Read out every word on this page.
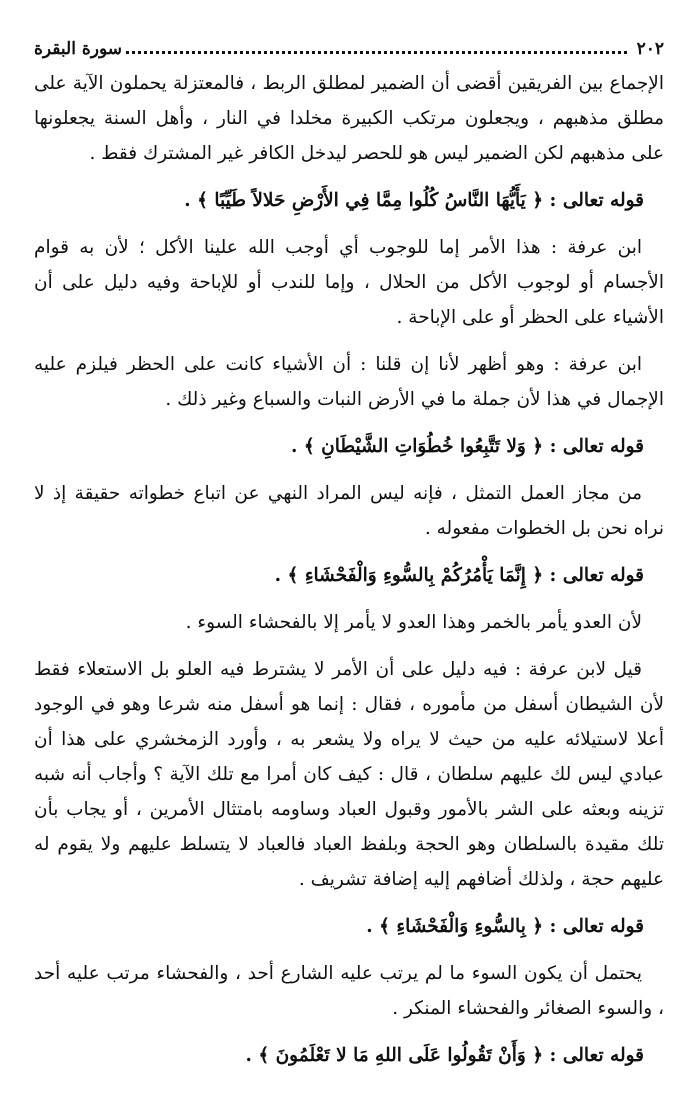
٢٠٢
سورة البقرة

الإجماع بين الفريقين أقضى أن الضمير لمطلق الربط ، فالمعتزلة يحملون الآية على مطلق مذهبهم ، ويجعلون مرتكب الكبيرة مخلدا في النار ، وأهل السنة يجعلونها على مذهبهم لكن الضمير ليس هو للحصر ليدخل الكافر غير المشترك فقط .

قوله تعالى : ﴿ يَأَيُّهَا النَّاسُ كُلُوا مِمَّا فِي الأَرْضِ حَلالاً طَيِّبًا ﴾ .

ابن عرفة : هذا الأمر إما للوجوب أي أوجب الله علينا الأكل ؛ لأن به قوام الأجسام أو لوجوب الأكل من الحلال ، وإما للندب أو للإباحة وفيه دليل على أن الأشياء على الحظر أو على الإباحة .

ابن عرفة : وهو أظهر لأنا إن قلنا : أن الأشياء كانت على الحظر فيلزم عليه الإجمال في هذا لأن جملة ما في الأرض النبات والسباع وغير ذلك .

قوله تعالى : ﴿ وَلا تَتَّبِعُوا خُطُوَاتِ الشَّيْطَانِ ﴾ .

من مجاز العمل التمثل ، فإنه ليس المراد النهي عن اتباع خطواته حقيقة إذ لا نراه نحن بل الخطوات مفعوله .

قوله تعالى : ﴿ إِنَّمَا يَأْمُرُكُمْ بِالسُّوءِ وَالْفَحْشَاءِ ﴾ .

لأن العدو يأمر بالخمر وهذا العدو لا يأمر إلا بالفحشاء السوء .

قيل لابن عرفة : فيه دليل على أن الأمر لا يشترط فيه العلو بل الاستعلاء فقط لأن الشيطان أسفل من مأموره ، فقال : إنما هو أسفل منه شرعا وهو في الوجود أعلا لاستيلائه عليه من حيث لا يراه ولا يشعر به ، وأورد الزمخشري على هذا أن عبادي ليس لك عليهم سلطان ، قال : كيف كان أمرا مع تلك الآية ؟ وأجاب أنه شبه تزينه وبعثه على الشر بالأمور وقبول العباد وساومه بامتثال الأمرين ، أو يجاب بأن تلك مقيدة بالسلطان وهو الحجة وبلفظ العباد فالعباد لا يتسلط عليهم ولا يقوم له عليهم حجة ، ولذلك أضافهم إليه إضافة تشريف .

قوله تعالى : ﴿ بِالسُّوءِ وَالْفَحْشَاءِ ﴾ .

يحتمل أن يكون السوء ما لم يرتب عليه الشارع أحد ، والفحشاء مرتب عليه أحد ، والسوء الصغائر والفحشاء المنكر .

قوله تعالى : ﴿ وَأَنْ تَقُولُوا عَلَى اللهِ مَا لا تَعْلَمُونَ ﴾ .
